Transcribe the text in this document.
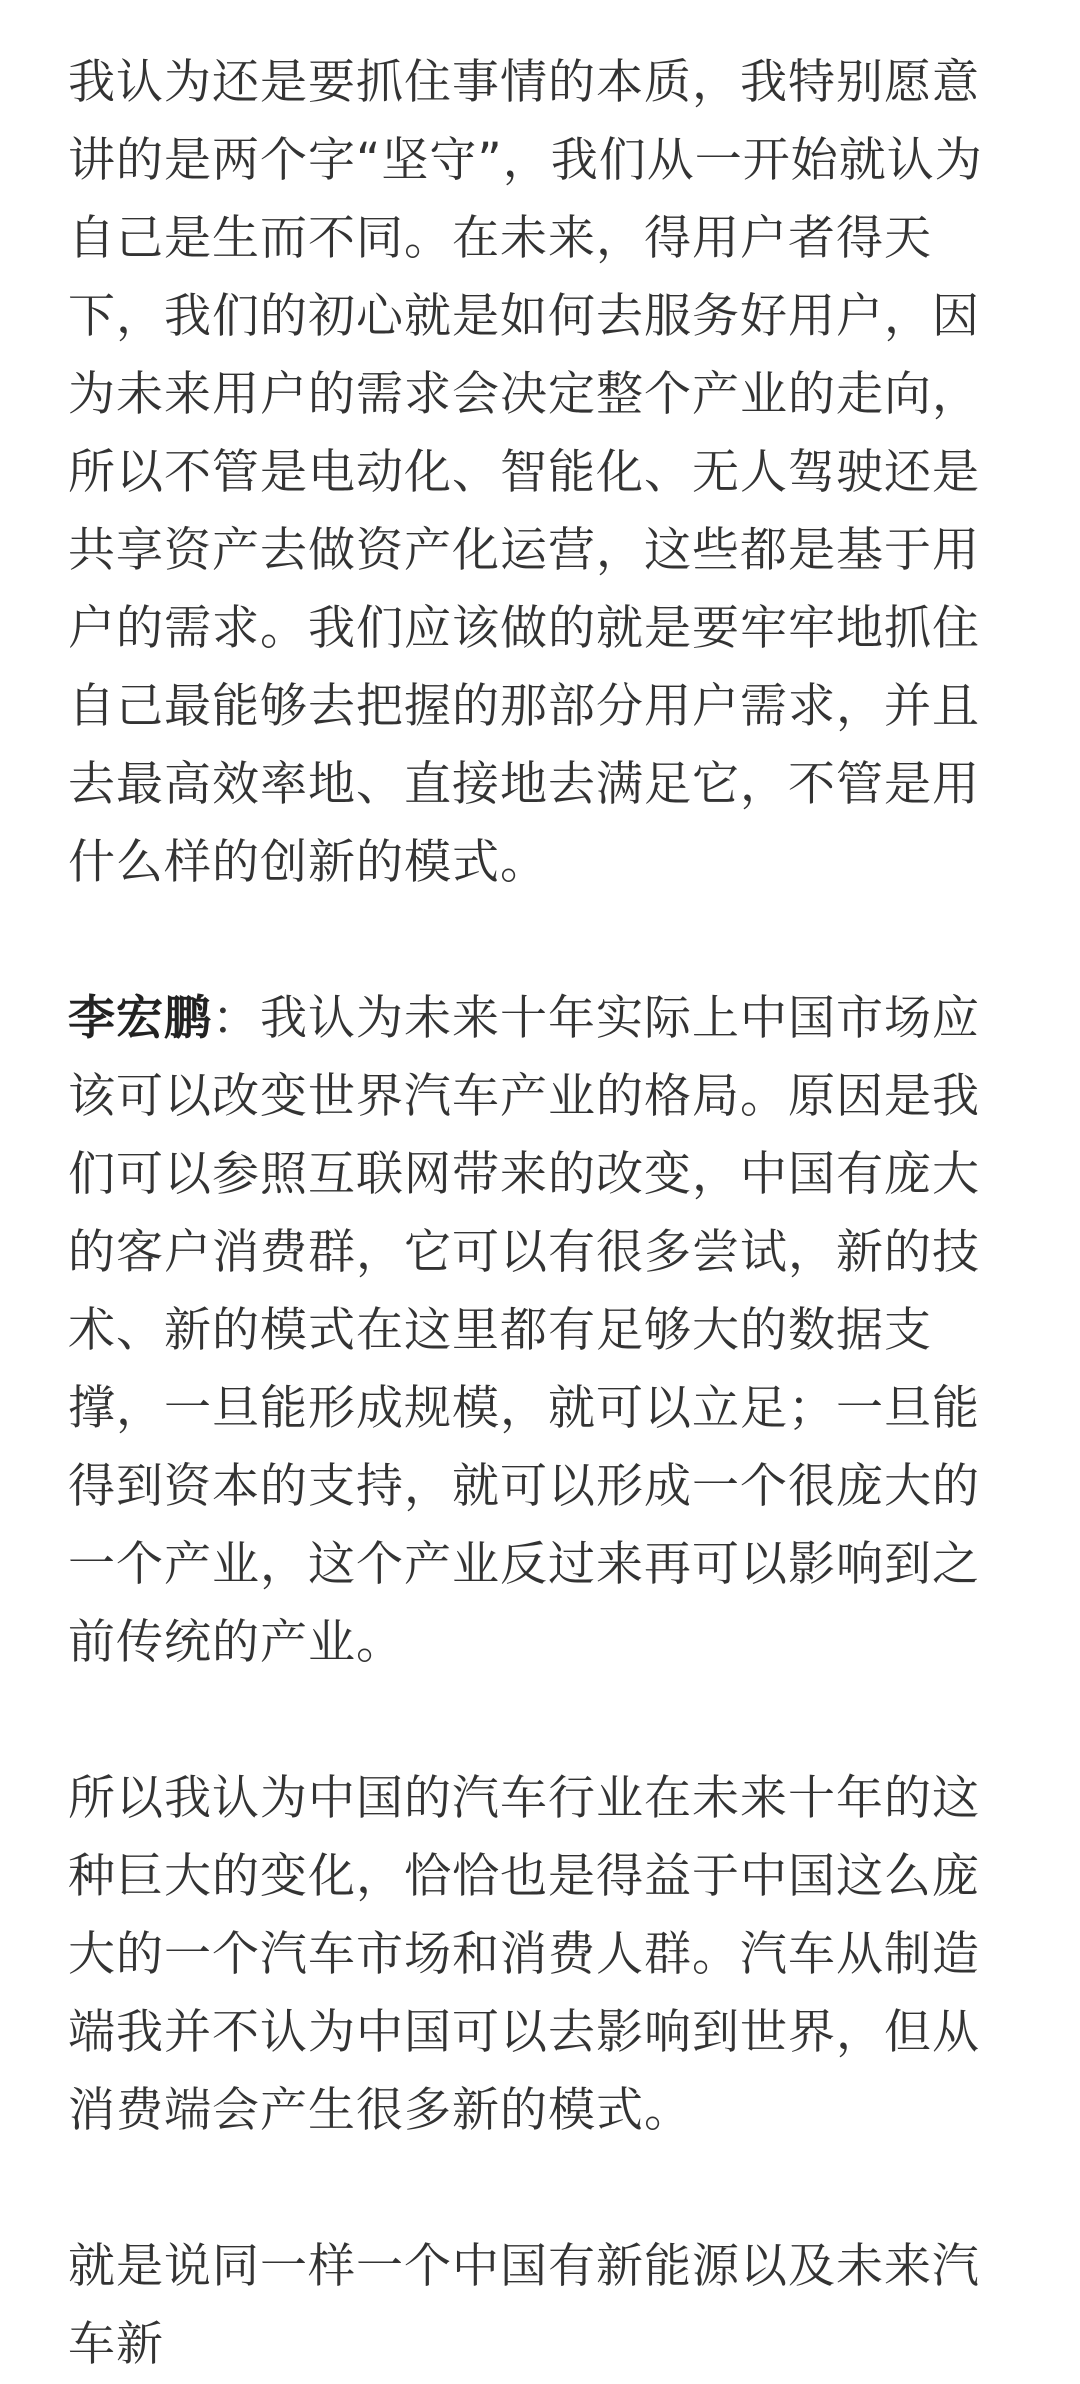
我认为还是要抓住事情的本质，我特别愿意讲的是两个字“坚守”，我们从一开始就认为自己是生而不同。在未来，得用户者得天下，我们的初心就是如何去服务好用户，因为未来用户的需求会决定整个产业的走向，所以不管是电动化、智能化、无人驾驶还是共享资产去做资产化运营，这些都是基于用户的需求。我们应该做的就是要牢牢地抓住自己最能够去把握的那部分用户需求，并且去最高效率地、直接地去满足它，不管是用什么样的创新的模式。

李宏鹏：我认为未来十年实际上中国市场应该可以改变世界汽车产业的格局。原因是我们可以参照互联网带来的改变，中国有庞大的客户消费群，它可以有很多尝试，新的技术、新的模式在这里都有足够大的数据支撑，一旦能形成规模，就可以立足；一旦能得到资本的支持，就可以形成一个很庞大的一个产业，这个产业反过来再可以影响到之前传统的产业。

所以我认为中国的汽车行业在未来十年的这种巨大的变化，恰恰也是得益于中国这么庞大的一个汽车市场和消费人群。汽车从制造端我并不认为中国可以去影响到世界，但从消费端会产生很多新的模式。

就是说同一样一个中国有新能源以及未来汽车新
